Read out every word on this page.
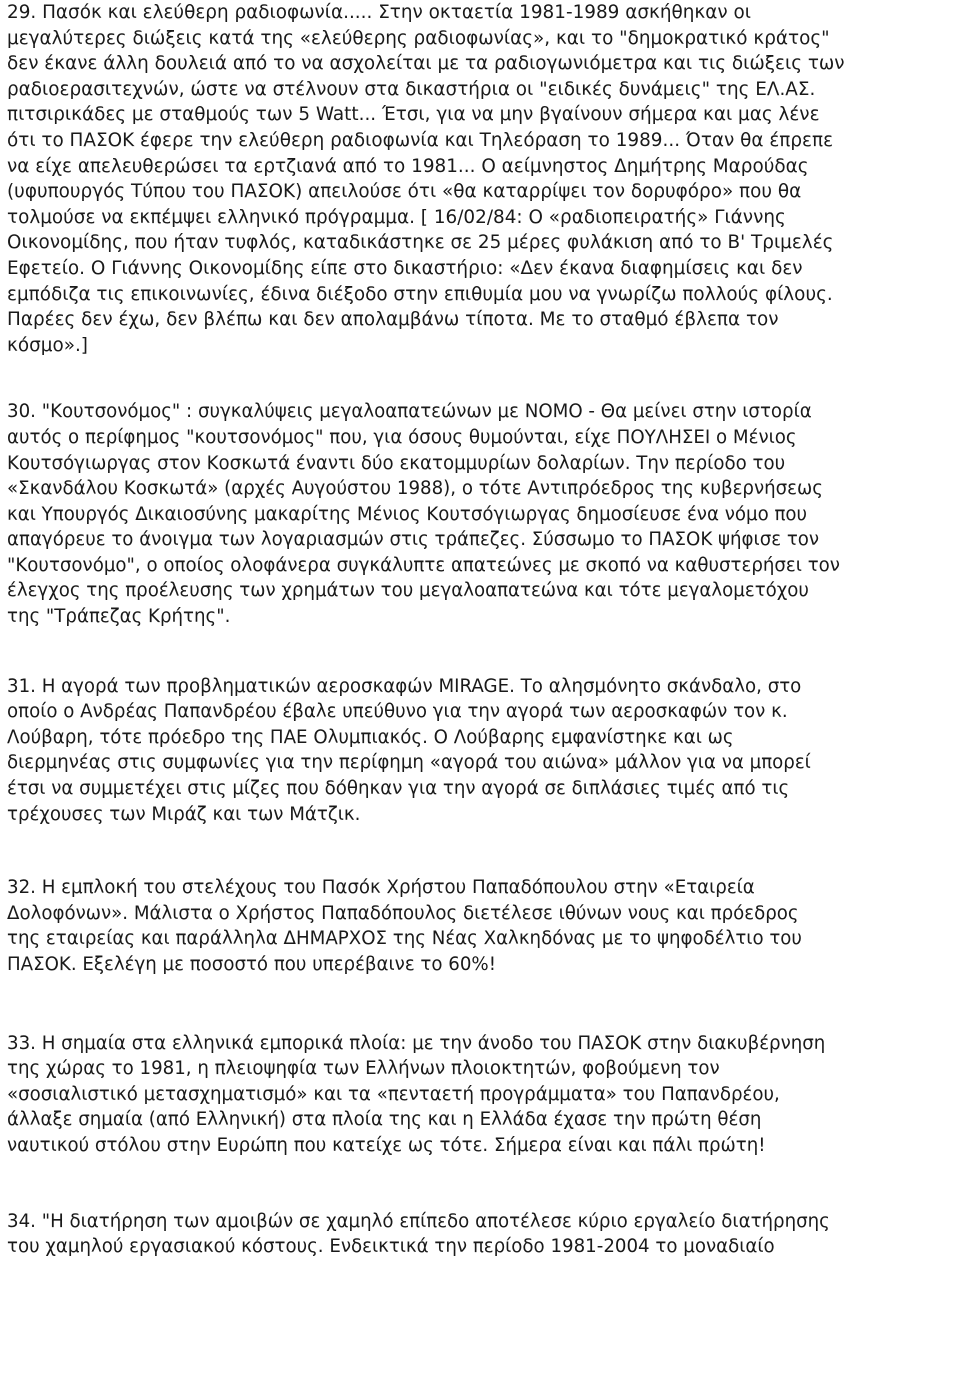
29. Πασόκ και ελεύθερη ραδιοφωνία..... Στην οκταετία 1981-1989 ασκήθηκαν οι
μεγαλύτερες διώξεις κατά της «ελεύθερης ραδιοφωνίας», και το "δημοκρατικό κράτος"
δεν έκανε άλλη δουλειά από το να ασχολείται με τα ραδιογωνιόμετρα και τις διώξεις των
ραδιοερασιτεχνών, ώστε να στέλνουν στα δικαστήρια οι "ειδικές δυνάμεις" της ΕΛ.ΑΣ.
πιτσιρικάδες με σταθμούς των 5 Watt... Έτσι, για να μην βγαίνουν σήμερα και μας λένε
ότι το ΠΑΣΟΚ έφερε την ελεύθερη ραδιοφωνία και Τηλεόραση το 1989... Όταν θα έπρεπε
να είχε απελευθερώσει τα ερτζιανά από το 1981... Ο αείμνηστος Δημήτρης Μαρούδας
(υφυπουργός Τύπου του ΠΑΣΟΚ) απειλούσε ότι «θα καταρρίψει τον δορυφόρο» που θα
τολμούσε να εκπέμψει ελληνικό πρόγραμμα. [ 16/02/84: Ο «ραδιοπειρατής» Γιάννης
Οικονομίδης, που ήταν τυφλός, καταδικάστηκε σε 25 μέρες φυλάκιση από το Β' Τριμελές
Εφετείο. Ο Γιάννης Οικονομίδης είπε στο δικαστήριο: «Δεν έκανα διαφημίσεις και δεν
εμπόδιζα τις επικοινωνίες, έδινα διέξοδο στην επιθυμία μου να γνωρίζω πολλούς φίλους.
Παρέες δεν έχω, δεν βλέπω και δεν απολαμβάνω τίποτα. Με το σταθμό έβλεπα τον
κόσμο».]
30. "Κουτσονόμος" : συγκαλύψεις μεγαλοαπατεώνων με ΝΟΜΟ - Θα μείνει στην ιστορία
αυτός ο περίφημος "κουτσονόμος" που, για όσους θυμούνται, είχε ΠΟΥΛΗΣΕΙ ο Μένιος
Κουτσόγιωργας στον Κοσκωτά έναντι δύο εκατομμυρίων δολαρίων. Την περίοδο του
«Σκανδάλου Κοσκωτά» (αρχές Αυγούστου 1988), ο τότε Αντιπρόεδρος της κυβερνήσεως
και Υπουργός Δικαιοσύνης μακαρίτης Μένιος Κουτσόγιωργας δημοσίευσε ένα νόμο που
απαγόρευε το άνοιγμα των λογαριασμών στις τράπεζες. Σύσσωμο το ΠΑΣΟΚ ψήφισε τον
"Κουτσονόμο", ο οποίος ολοφάνερα συγκάλυπτε απατεώνες με σκοπό να καθυστερήσει τον
έλεγχος της προέλευσης των χρημάτων του μεγαλοαπατεώνα και τότε μεγαλομετόχου
της "Τράπεζας Κρήτης".
31. Η αγορά των προβληματικών αεροσκαφών MIRAGE. Το αλησμόνητο σκάνδαλο, στο
οποίο ο Ανδρέας Παπανδρέου έβαλε υπεύθυνο για την αγορά των αεροσκαφών τον κ.
Λούβαρη, τότε πρόεδρο της ΠΑΕ Ολυμπιακός. Ο Λούβαρης εμφανίστηκε και ως
διερμηνέας στις συμφωνίες για την περίφημη «αγορά του αιώνα» μάλλον για να μπορεί
έτσι να συμμετέχει στις μίζες που δόθηκαν για την αγορά σε διπλάσιες τιμές από τις
τρέχουσες των Μιράζ και των Μάτζικ.
32. Η εμπλοκή του στελέχους του Πασόκ Χρήστου Παπαδόπουλου στην «Εταιρεία
Δολοφόνων». Μάλιστα ο Χρήστος Παπαδόπουλος διετέλεσε ιθύνων νους και πρόεδρος
της εταιρείας και παράλληλα ΔΗΜΑΡΧΟΣ της Νέας Χαλκηδόνας με το ψηφοδέλτιο του
ΠΑΣΟΚ. Εξελέγη με ποσοστό που υπερέβαινε το 60%!
33. Η σημαία στα ελληνικά εμπορικά πλοία: με την άνοδο του ΠΑΣΟΚ στην διακυβέρνηση
της χώρας το 1981, η πλειοψηφία των Ελλήνων πλοιοκτητών, φοβούμενη τον
«σοσιαλιστικό μετασχηματισμό» και τα «πενταετή προγράμματα» του Παπανδρέου,
άλλαξε σημαία (από Ελληνική) στα πλοία της και η Ελλάδα έχασε την πρώτη θέση
ναυτικού στόλου στην Ευρώπη που κατείχε ως τότε. Σήμερα είναι και πάλι πρώτη!
34. "Η διατήρηση των αμοιβών σε χαμηλό επίπεδο αποτέλεσε κύριο εργαλείο διατήρησης
του χαμηλού εργασιακού κόστους. Ενδεικτικά την περίοδο 1981-2004 το μοναδιαίο
